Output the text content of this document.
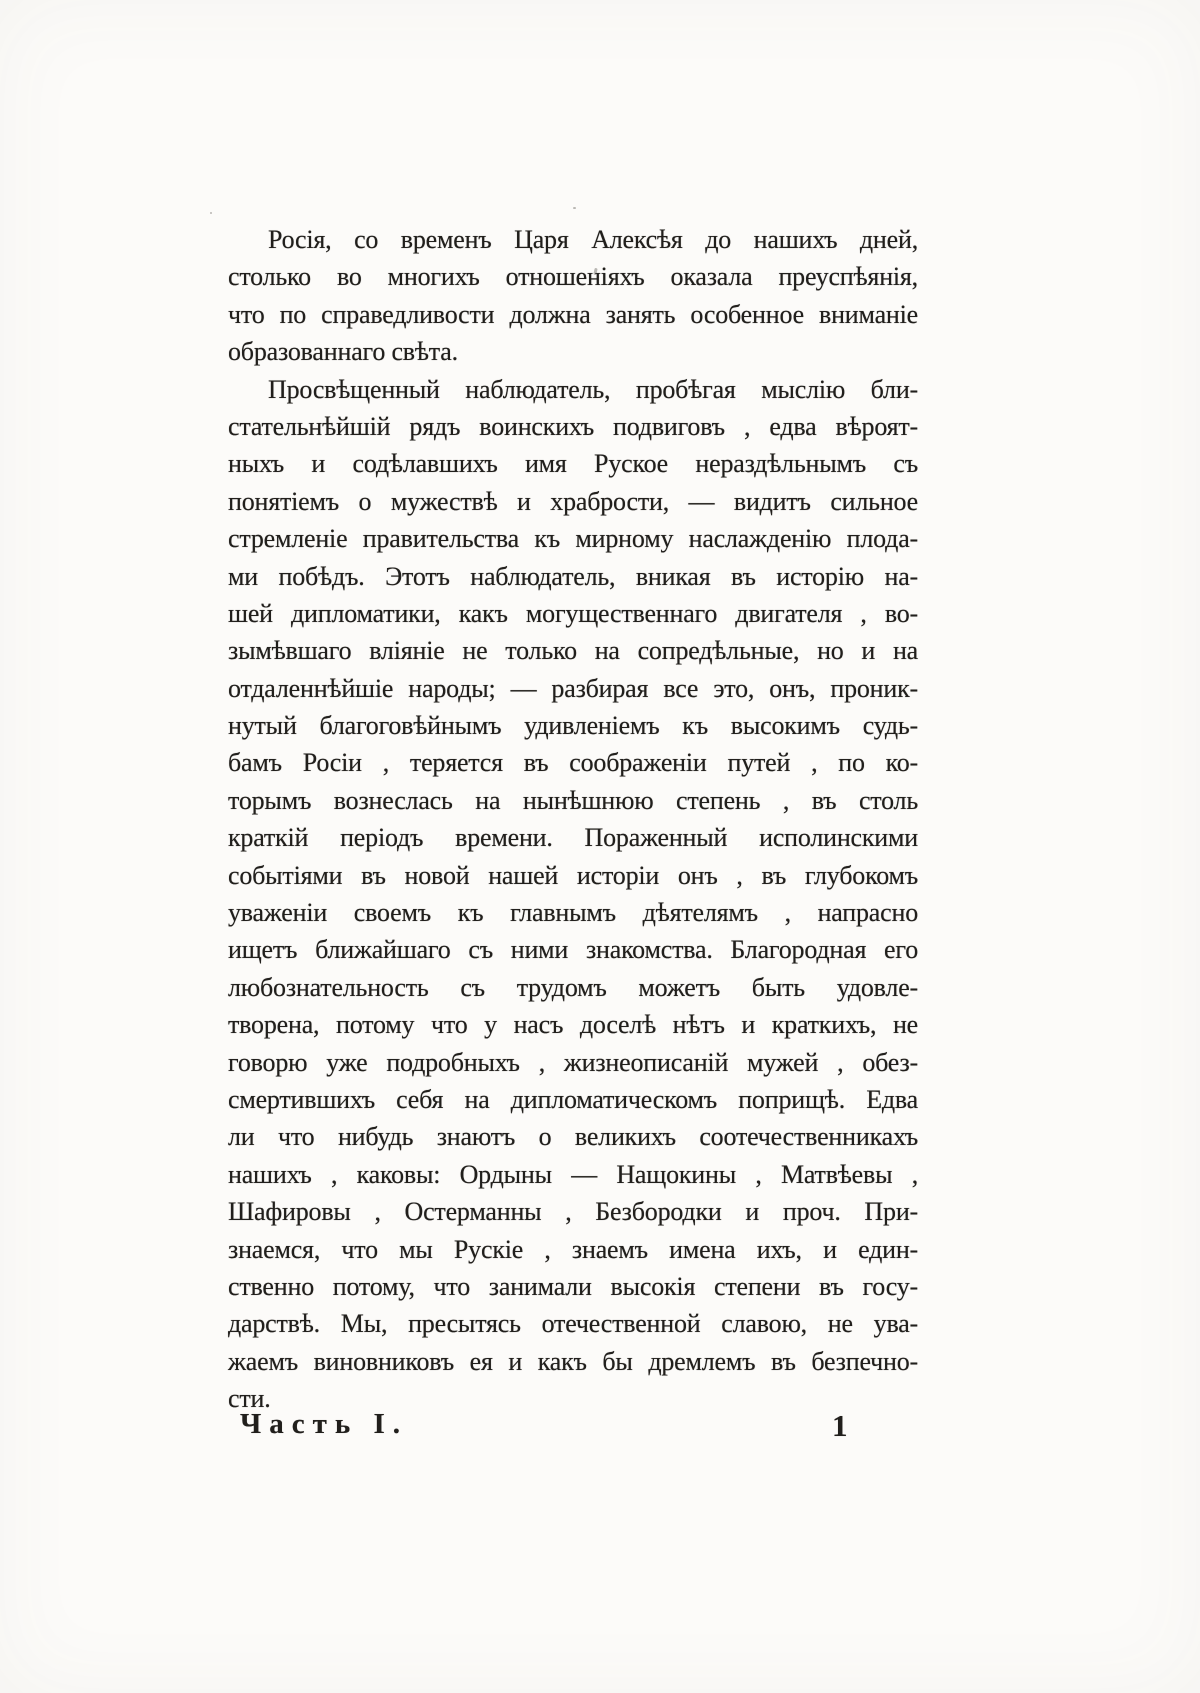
Росія, со временъ Царя Алексѣя до нашихъ дней,
столько во многихъ отношеніяхъ оказала преуспѣянія,
что по справедливости должна занять особенное вниманіе
образованнаго свѣта.
Просвѣщенный наблюдатель, пробѣгая мыслію бли-
стательнѣйшій рядъ воинскихъ подвиговъ , едва вѣроят-
ныхъ и содѣлавшихъ имя Руское нераздѣльнымъ съ
понятіемъ о мужествѣ и храбрости, — видитъ сильное
стремленіе правительства къ мирному наслажденію плода-
ми побѣдъ. Этотъ наблюдатель, вникая въ исторію на-
шей дипломатики, какъ могущественнаго двигателя , во-
зымѣвшаго вліяніе не только на сопредѣльные, но и на
отдаленнѣйшіе народы; — разбирая все это, онъ, проник-
нутый благоговѣйнымъ удивленіемъ къ высокимъ судь-
бамъ Росіи , теряется въ соображеніи путей , по ко-
торымъ вознеслась на нынѣшнюю степень , въ столь
краткій періодъ времени. Пораженный исполинскими
событіями въ новой нашей исторіи онъ , въ глубокомъ
уваженіи своемъ къ главнымъ дѣятелямъ , напрасно
ищетъ ближайшаго съ ними знакомства. Благородная его
любознательность съ трудомъ можетъ быть удовле-
творена, потому что у насъ доселѣ нѣтъ и краткихъ, не
говорю уже подробныхъ , жизнеописаній мужей , обез-
смертившихъ себя на дипломатическомъ поприщѣ. Едва
ли что нибудь знаютъ о великихъ соотечественникахъ
нашихъ , каковы: Ордыны — Нащокины , Матвѣевы ,
Шафировы , Остерманны , Безбородки и проч. При-
знаемся, что мы Рускіе , знаемъ имена ихъ, и един-
ственно потому, что занимали высокія степени въ госу-
дарствѣ. Мы, пресытясь отечественной славою, не ува-
жаемъ виновниковъ ея и какъ бы дремлемъ въ безпечно-
сти.
Часть I.	1
